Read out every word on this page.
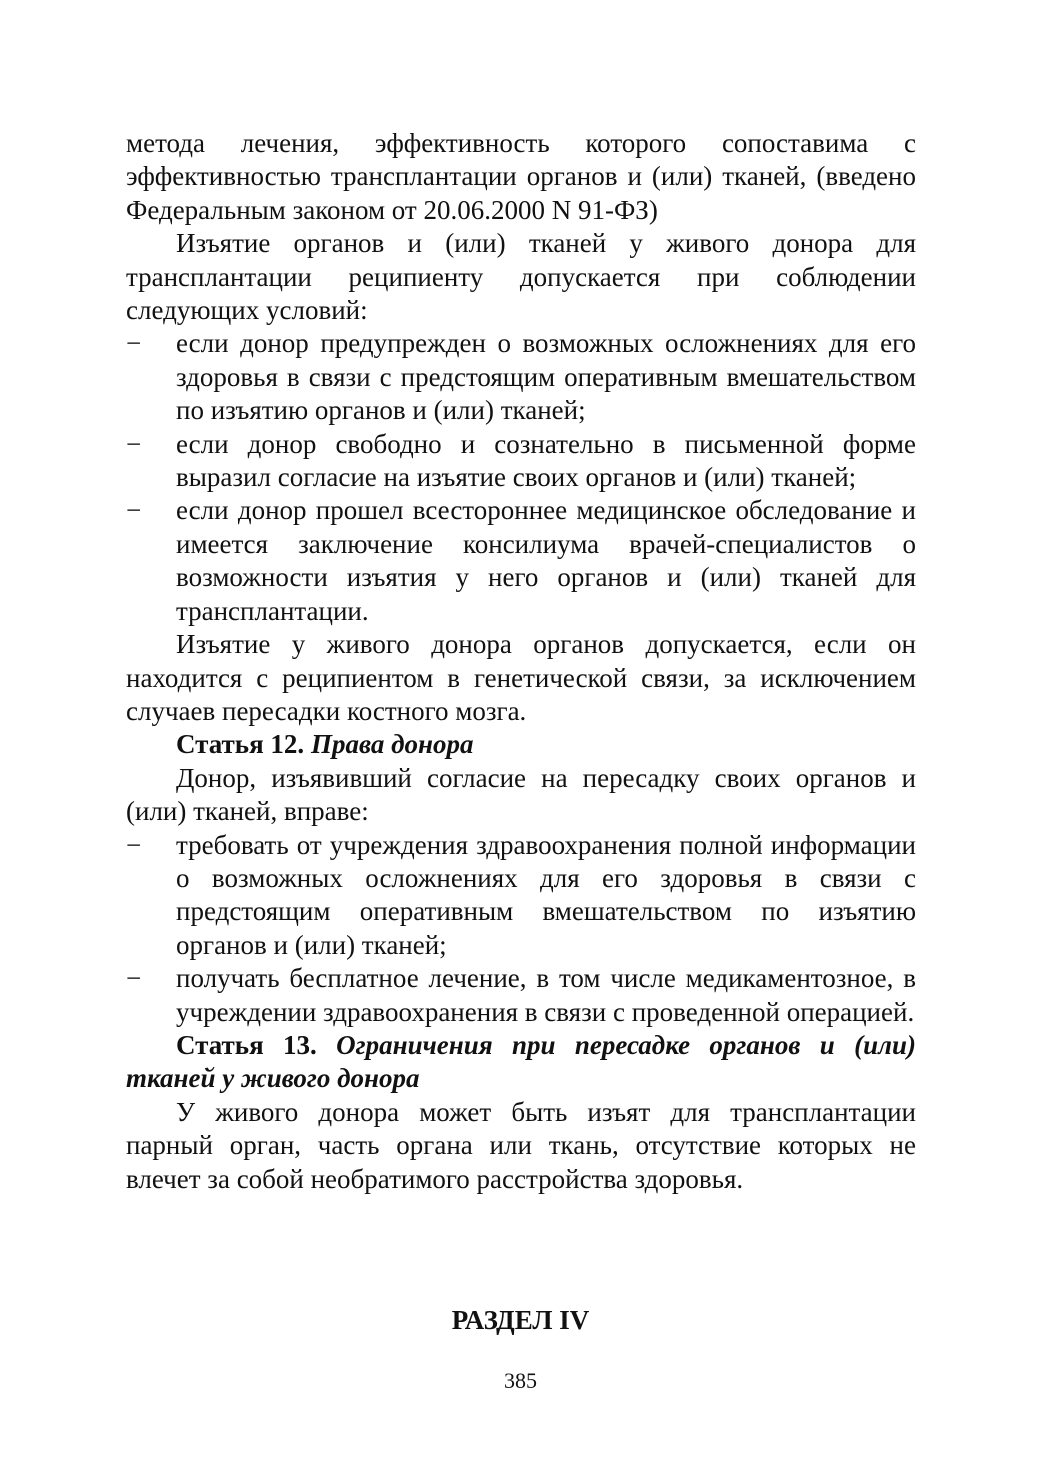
метода лечения, эффективность которого сопоставима с эффективностью трансплантации органов и (или) тканей, (введено Федеральным законом от 20.06.2000 N 91-ФЗ)

Изъятие органов и (или) тканей у живого донора для трансплантации реципиенту допускается при соблюдении следующих условий:

− если донор предупрежден о возможных осложнениях для его здоровья в связи с предстоящим оперативным вмешательством по изъятию органов и (или) тканей;

− если донор свободно и сознательно в письменной форме выразил согласие на изъятие своих органов и (или) тканей;

− если донор прошел всестороннее медицинское обследование и имеется заключение консилиума врачей-специалистов о возможности изъятия у него органов и (или) тканей для трансплантации.

Изъятие у живого донора органов допускается, если он находится с реципиентом в генетической связи, за исключением случаев пересадки костного мозга.

Статья 12. Права донора

Донор, изъявивший согласие на пересадку своих органов и (или) тканей, вправе:

− требовать от учреждения здравоохранения полной информации о возможных осложнениях для его здоровья в связи с предстоящим оперативным вмешательством по изъятию органов и (или) тканей;

− получать бесплатное лечение, в том числе медикаментозное, в учреждении здравоохранения в связи с проведенной операцией.

Статья 13. Ограничения при пересадке органов и (или) тканей у живого донора

У живого донора может быть изъят для трансплантации парный орган, часть органа или ткань, отсутствие которых не влечет за собой необратимого расстройства здоровья.

РАЗДЕЛ IV
385
